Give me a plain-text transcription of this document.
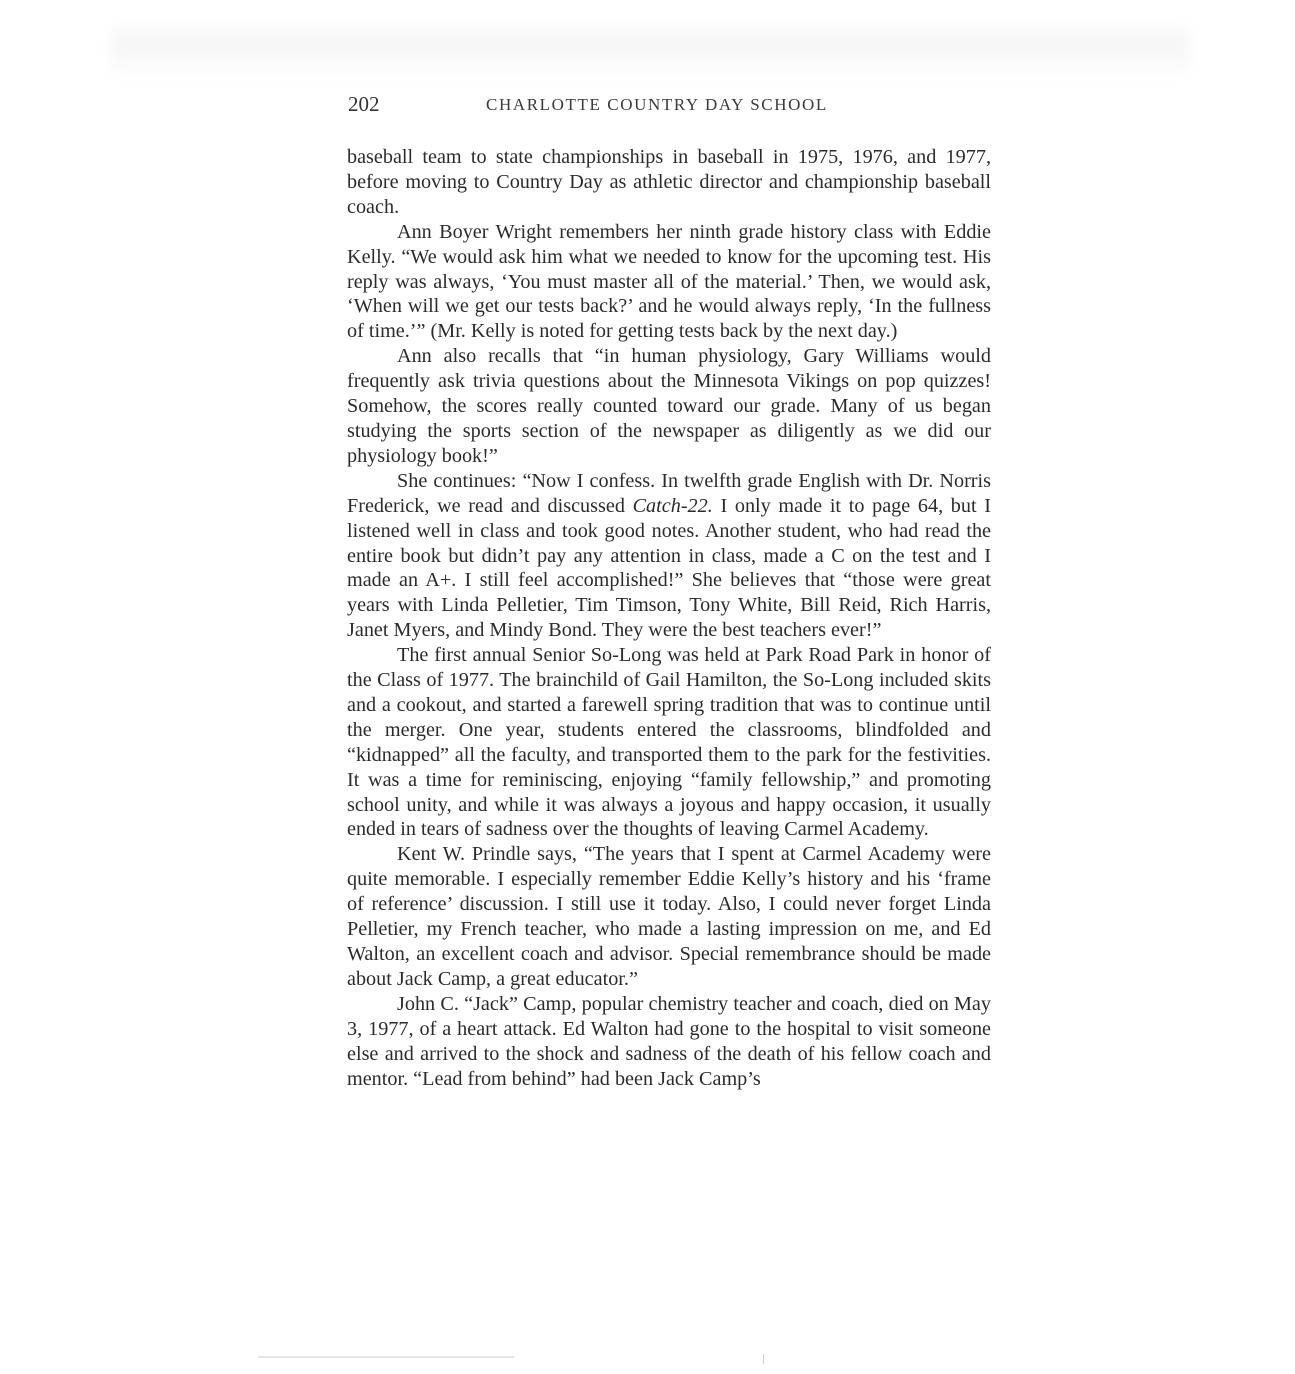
202	CHARLOTTE COUNTRY DAY SCHOOL

baseball team to state championships in baseball in 1975, 1976, and 1977, before moving to Country Day as athletic director and championship baseball coach.

Ann Boyer Wright remembers her ninth grade history class with Eddie Kelly. “We would ask him what we needed to know for the upcoming test. His reply was always, ‘You must master all of the material.’ Then, we would ask, ‘When will we get our tests back?’ and he would always reply, ‘In the fullness of time.’” (Mr. Kelly is noted for getting tests back by the next day.)

Ann also recalls that “in human physiology, Gary Williams would frequently ask trivia questions about the Minnesota Vikings on pop quizzes! Somehow, the scores really counted toward our grade. Many of us began studying the sports section of the newspaper as diligently as we did our physiology book!”

She continues: “Now I confess. In twelfth grade English with Dr. Norris Frederick, we read and discussed Catch-22. I only made it to page 64, but I listened well in class and took good notes. Another student, who had read the entire book but didn’t pay any attention in class, made a C on the test and I made an A+. I still feel accomplished!” She believes that “those were great years with Linda Pelletier, Tim Timson, Tony White, Bill Reid, Rich Harris, Janet Myers, and Mindy Bond. They were the best teachers ever!”

The first annual Senior So-Long was held at Park Road Park in honor of the Class of 1977. The brainchild of Gail Hamilton, the So-Long included skits and a cookout, and started a farewell spring tradition that was to continue until the merger. One year, students entered the classrooms, blindfolded and “kidnapped” all the faculty, and transported them to the park for the festivities. It was a time for reminiscing, enjoying “family fellowship,” and promoting school unity, and while it was always a joyous and happy occasion, it usually ended in tears of sadness over the thoughts of leaving Carmel Academy.

Kent W. Prindle says, “The years that I spent at Carmel Academy were quite memorable. I especially remember Eddie Kelly’s history and his ‘frame of reference’ discussion. I still use it today. Also, I could never forget Linda Pelletier, my French teacher, who made a lasting impression on me, and Ed Walton, an excellent coach and advisor. Special remembrance should be made about Jack Camp, a great educator.”

John C. “Jack” Camp, popular chemistry teacher and coach, died on May 3, 1977, of a heart attack. Ed Walton had gone to the hospital to visit someone else and arrived to the shock and sadness of the death of his fellow coach and mentor. “Lead from behind” had been Jack Camp’s
